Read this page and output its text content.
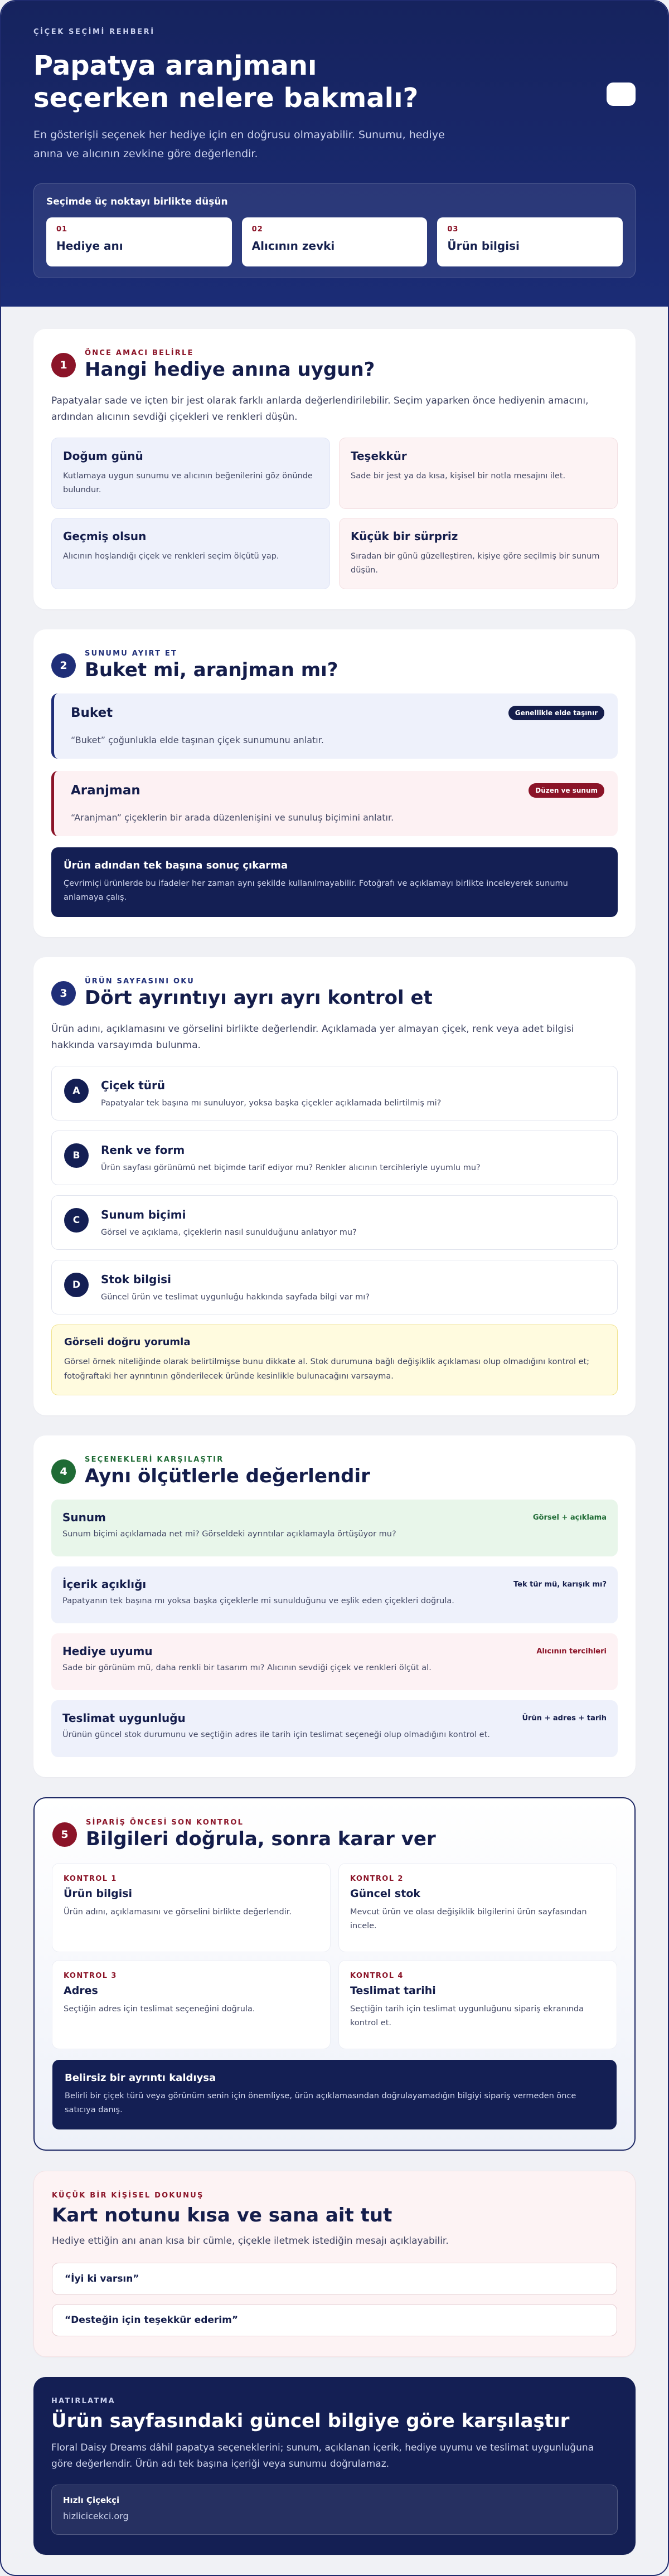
ÇİÇEK SEÇİMİ REHBERİ
Papatya aranjmanı seçerken nelere bakmalı?

En gösterişli seçenek her hediye için en doğrusu olmayabilir. Sunumu, hediye anına ve alıcının zevkine göre değerlendir.

Seçimde üç noktayı birlikte düşün
01
Hediye anı
02
Alıcının zevki
03
Ürün bilgisi
1
ÖNCE AMACI BELİRLE
Hangi hediye anına uygun?

Papatyalar sade ve içten bir jest olarak farklı anlarda değerlendirilebilir. Seçim yaparken önce hediyenin amacını, ardından alıcının sevdiği çiçekleri ve renkleri düşün.

Doğum günü

Kutlamaya uygun sunumu ve alıcının beğenilerini göz önünde bulundur.

Teşekkür

Sade bir jest ya da kısa, kişisel bir notla mesajını ilet.

Geçmiş olsun

Alıcının hoşlandığı çiçek ve renkleri seçim ölçütü yap.

Küçük bir sürpriz

Sıradan bir günü güzelleştiren, kişiye göre seçilmiş bir sunum düşün.

2
SUNUMU AYIRT ET
Buket mi, aranjman mı?
Buket	Genellikle elde taşınır

“Buket” çoğunlukla elde taşınan çiçek sunumunu anlatır.

Aranjman	Düzen ve sunum

“Aranjman” çiçeklerin bir arada düzenlenişini ve sunuluş biçimini anlatır.

Ürün adından tek başına sonuç çıkarma

Çevrimiçi ürünlerde bu ifadeler her zaman aynı şekilde kullanılmayabilir. Fotoğrafı ve açıklamayı birlikte inceleyerek sunumu anlamaya çalış.

3
ÜRÜN SAYFASINI OKU
Dört ayrıntıyı ayrı ayrı kontrol et

Ürün adını, açıklamasını ve görselini birlikte değerlendir. Açıklamada yer almayan çiçek, renk veya adet bilgisi hakkında varsayımda bulunma.

A	Çiçek türü

Papatyalar tek başına mı sunuluyor, yoksa başka çiçekler açıklamada belirtilmiş mi?

B	Renk ve form

Ürün sayfası görünümü net biçimde tarif ediyor mu? Renkler alıcının tercihleriyle uyumlu mu?

C	Sunum biçimi

Görsel ve açıklama, çiçeklerin nasıl sunulduğunu anlatıyor mu?

D	Stok bilgisi

Güncel ürün ve teslimat uygunluğu hakkında sayfada bilgi var mı?

Görseli doğru yorumla

Görsel örnek niteliğinde olarak belirtilmişse bunu dikkate al. Stok durumuna bağlı değişiklik açıklaması olup olmadığını kontrol et; fotoğraftaki her ayrıntının gönderilecek üründe kesinlikle bulunacağını varsayma.

4
SEÇENEKLERİ KARŞILAŞTIR
Aynı ölçütlerle değerlendir
Sunum	Görsel + açıklama

Sunum biçimi açıklamada net mi? Görseldeki ayrıntılar açıklamayla örtüşüyor mu?

İçerik açıklığı	Tek tür mü, karışık mı?

Papatyanın tek başına mı yoksa başka çiçeklerle mi sunulduğunu ve eşlik eden çiçekleri doğrula.

Hediye uyumu	Alıcının tercihleri

Sade bir görünüm mü, daha renkli bir tasarım mı? Alıcının sevdiği çiçek ve renkleri ölçüt al.

Teslimat uygunluğu	Ürün + adres + tarih

Ürünün güncel stok durumunu ve seçtiğin adres ile tarih için teslimat seçeneği olup olmadığını kontrol et.

5
SİPARİŞ ÖNCESİ SON KONTROL
Bilgileri doğrula, sonra karar ver
KONTROL 1
Ürün bilgisi

Ürün adını, açıklamasını ve görselini birlikte değerlendir.

KONTROL 2
Güncel stok

Mevcut ürün ve olası değişiklik bilgilerini ürün sayfasından incele.

KONTROL 3
Adres

Seçtiğin adres için teslimat seçeneğini doğrula.

KONTROL 4
Teslimat tarihi

Seçtiğin tarih için teslimat uygunluğunu sipariş ekranında kontrol et.

Belirsiz bir ayrıntı kaldıysa

Belirli bir çiçek türü veya görünüm senin için önemliyse, ürün açıklamasından doğrulayamadığın bilgiyi sipariş vermeden önce satıcıya danış.

KÜÇÜK BİR KİŞİSEL DOKUNUŞ
Kart notunu kısa ve sana ait tut

Hediye ettiğin anı anan kısa bir cümle, çiçekle iletmek istediğin mesajı açıklayabilir.

“İyi ki varsın”
“Desteğin için teşekkür ederim”
HATIRLATMA
Ürün sayfasındaki güncel bilgiye göre karşılaştır

Floral Daisy Dreams dâhil papatya seçeneklerini; sunum, açıklanan içerik, hediye uyumu ve teslimat uygunluğuna göre değerlendir. Ürün adı tek başına içeriği veya sunumu doğrulamaz.

Hızlı Çiçekçi
hizlicicekci.org
